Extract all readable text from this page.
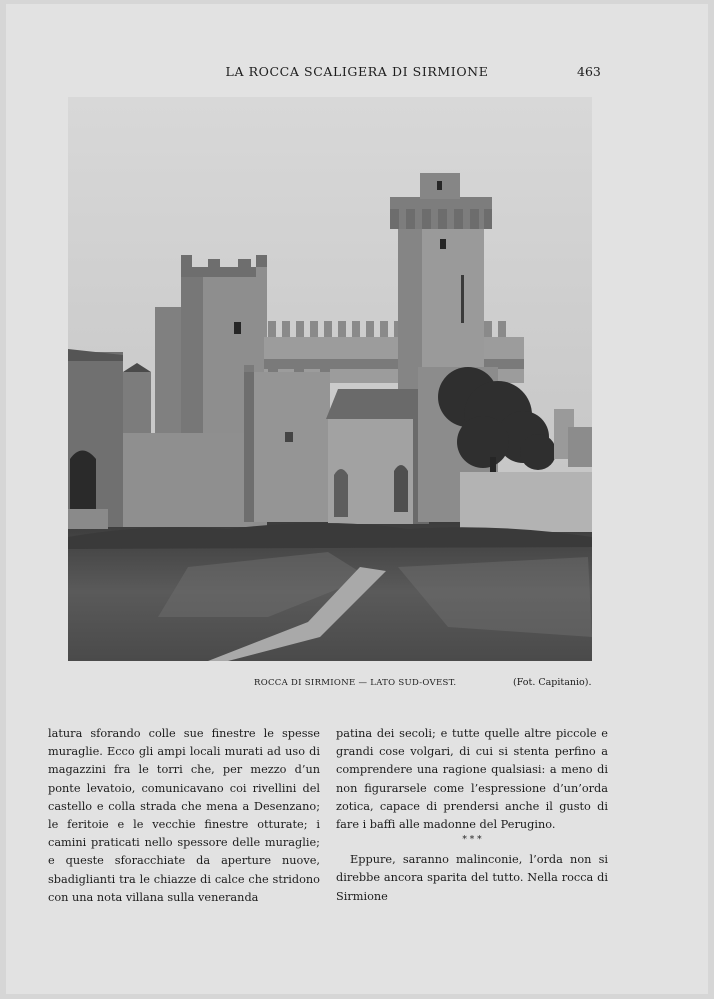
LA ROCCA SCALIGERA DI SIRMIONE	463
ROCCA DI SIRMIONE — LATO SUD-OVEST.	(Fot. Capitanio).

latura sforando colle sue finestre le spesse muraglie. Ecco gli ampi locali murati ad uso di magazzini fra le torri che, per mezzo d’un ponte levatoio, comunicavano coi rivellini del castello e colla strada che mena a Desenzano; le feritoie e le vecchie finestre otturate; i camini praticati nello spessore delle muraglie; e queste sforacchiate da aperture nuove, sbadiglianti tra le chiazze di calce che stridono con una nota villana sulla veneranda

patina dei secoli; e tutte quelle altre piccole e grandi cose volgari, di cui si stenta perfino a comprendere una ragione qualsiasi: a meno di non figurarsele come l’espressione d’un’orda zotica, capace di prendersi anche il gusto di fare i baffi alle madonne del Perugino.

* * *

Eppure, saranno malinconie, l’orda non si direbbe ancora sparita del tutto. Nella rocca di Sirmione
